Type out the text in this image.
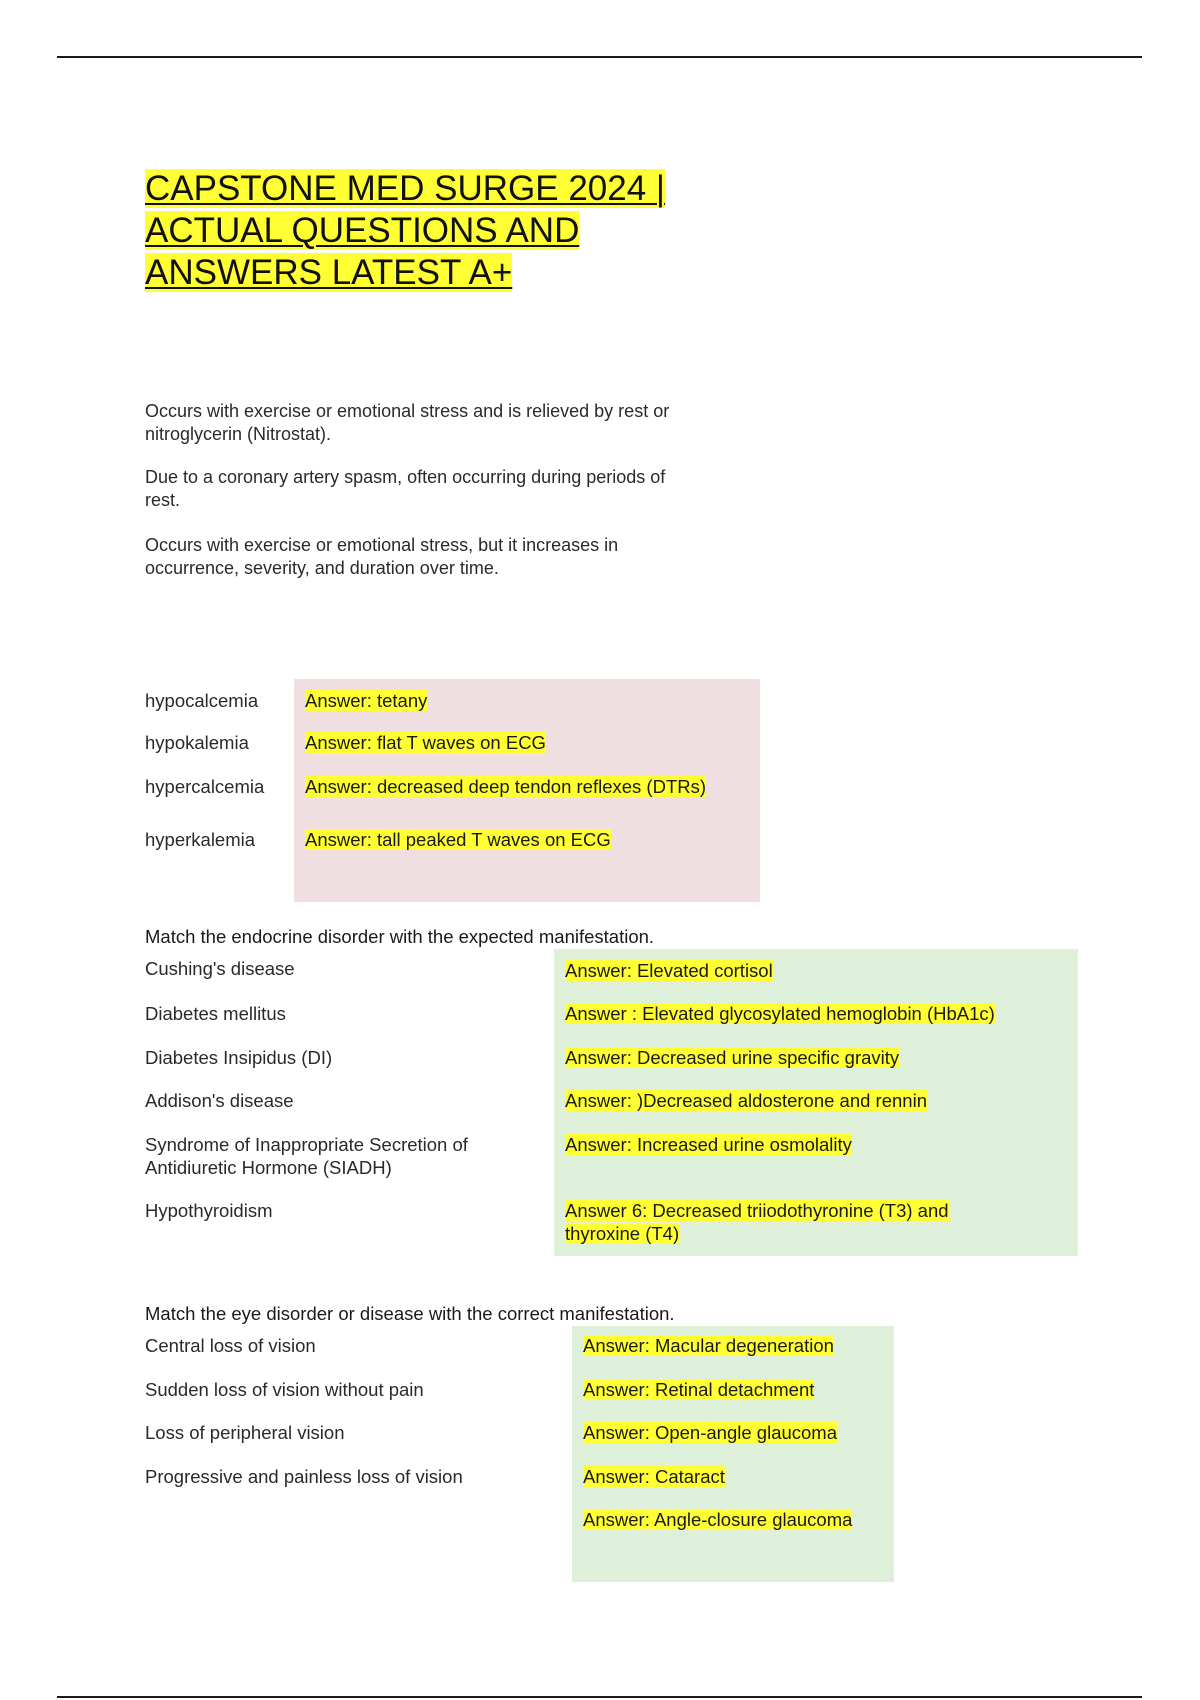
CAPSTONE MED SURGE 2024 |
ACTUAL QUESTIONS AND
ANSWERS LATEST A+

Occurs with exercise or emotional stress and is relieved by rest or nitroglycerin (Nitrostat).

Due to a coronary artery spasm, often occurring during periods of rest.

Occurs with exercise or emotional stress, but it increases in occurrence, severity, and duration over time.

hypocalcemia
hypokalemia
hypercalcemia
hyperkalemia
Answer: tetany
Answer: flat T waves on ECG
Answer: decreased deep tendon reflexes (DTRs)
Answer: tall peaked T waves on ECG
Match the endocrine disorder with the expected manifestation.
Cushing's disease
Diabetes mellitus
Diabetes Insipidus (DI)
Addison's disease
Syndrome of Inappropriate Secretion of Antidiuretic Hormone (SIADH)
Hypothyroidism
Answer: Elevated cortisol
Answer : Elevated glycosylated hemoglobin (HbA1c)
Answer: Decreased urine specific gravity
Answer: )Decreased aldosterone and rennin
Answer: Increased urine osmolality
Answer 6: Decreased triiodothyronine (T3) and thyroxine (T4)
Match the eye disorder or disease with the correct manifestation.
Central loss of vision
Sudden loss of vision without pain
Loss of peripheral vision
Progressive and painless loss of vision
Answer: Macular degeneration
Answer: Retinal detachment
Answer: Open-angle glaucoma
Answer: Cataract
Answer: Angle-closure glaucoma
